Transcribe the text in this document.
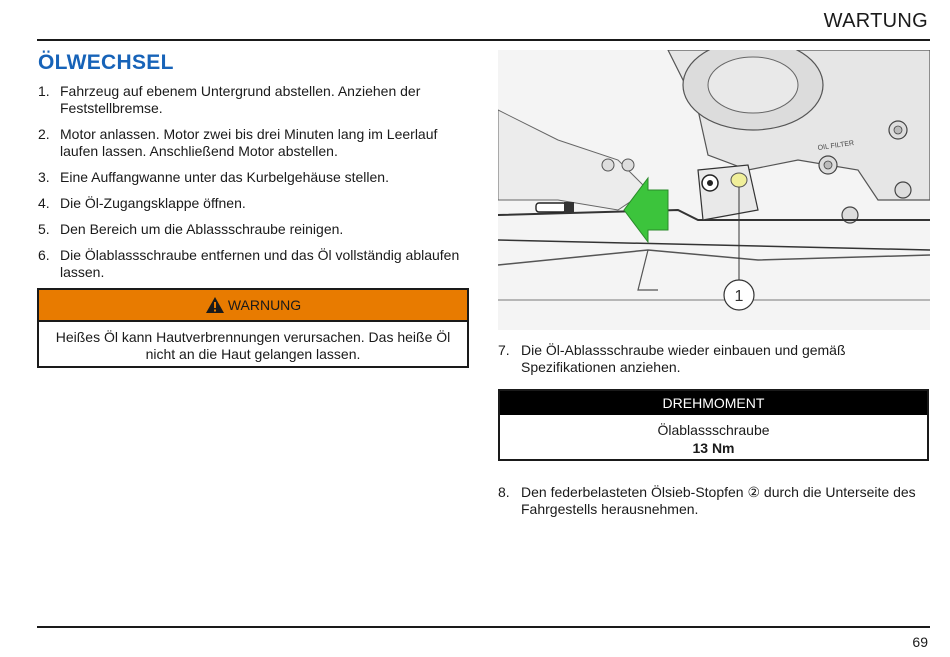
WARTUNG
ÖLWECHSEL
1. Fahrzeug auf ebenem Untergrund abstellen. Anziehen der Feststellbremse.
2. Motor anlassen. Motor zwei bis drei Minuten lang im Leerlauf laufen lassen. Anschließend Motor abstellen.
3. Eine Auffangwanne unter das Kurbelgehäuse stellen.
4. Die Öl-Zugangsklappe öffnen.
5. Den Bereich um die Ablassschraube reinigen.
6. Die Ölablassschraube entfernen und das Öl vollständig ablaufen lassen.
WARNUNG
Heißes Öl kann Hautverbrennungen verursachen. Das heiße Öl nicht an die Haut gelangen lassen.
OIL FILTER
1
7. Die Öl-Ablassschraube wieder einbauen und gemäß Spezifikationen anziehen.
DREHMOMENT
Ölablassschraube
13 Nm
8. Den federbelasteten Ölsieb-Stopfen ② durch die Unterseite des Fahrgestells herausnehmen.
69
